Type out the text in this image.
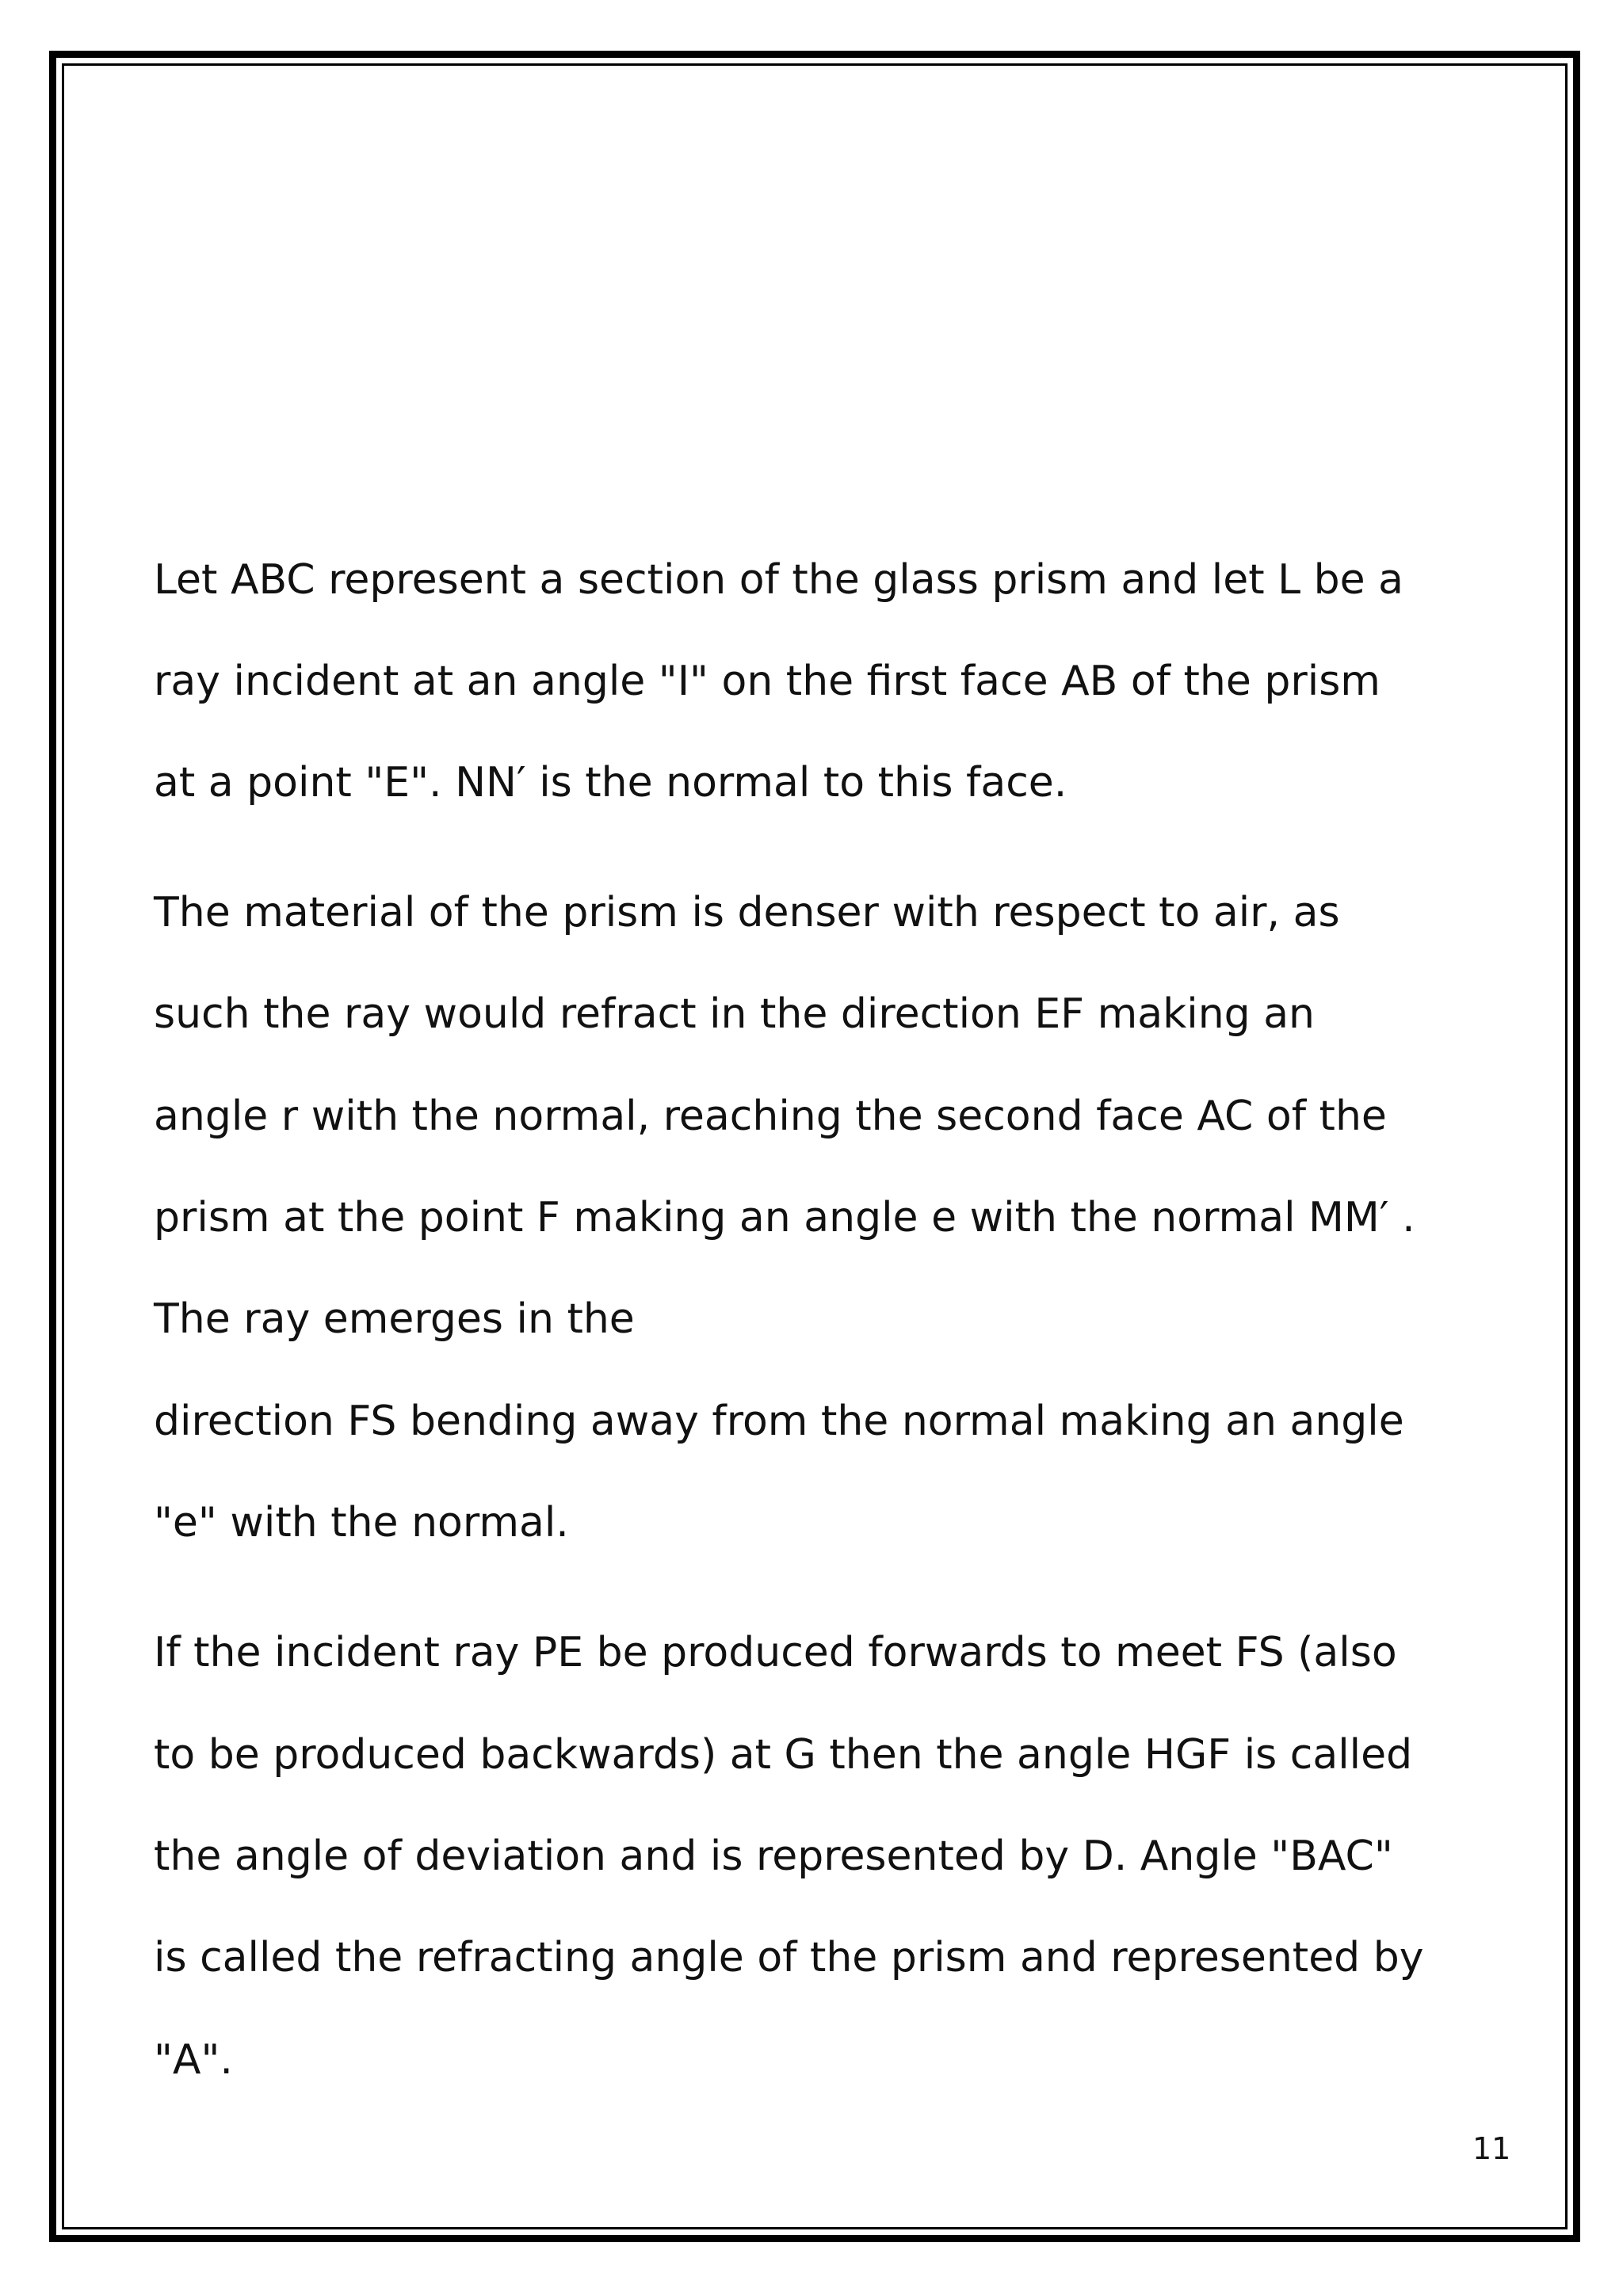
Let ABC represent a section of the glass prism and let L be a
ray incident at an angle "I" on the first face AB of the prism
at a point "E". NN′ is the normal to this face.
The material of the prism is denser with respect to air, as
such the ray would refract in the direction EF making an
angle r with the normal, reaching the second face AC of the
prism at the point F making an angle e with the normal MM′ .
The ray emerges in the
direction FS bending away from the normal making an angle
"e" with the normal.
If the incident ray PE be produced forwards to meet FS (also
to be produced backwards) at G then the angle HGF is called
the angle of deviation and is represented by D. Angle "BAC"
is called the refracting angle of the prism and represented by
"A".
11
